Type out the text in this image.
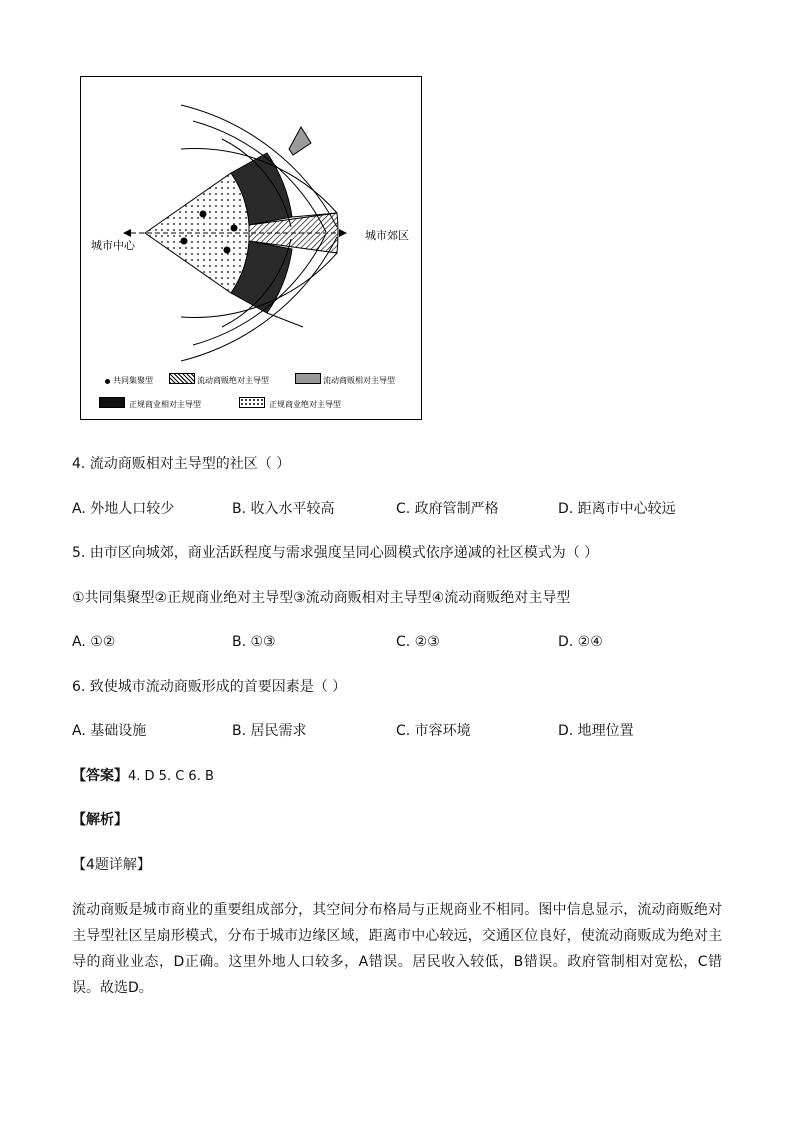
城市中心
城市郊区
共同集聚型	流动商贩绝对主导型	流动商贩相对主导型
正规商业相对主导型	正规商业绝对主导型
4. 流动商贩相对主导型的社区（ ）
A. 外地人口较少	B. 收入水平较高	C. 政府管制严格	D. 距离市中心较远
5. 由市区向城郊，商业活跃程度与需求强度呈同心圆模式依序递减的社区模式为（ ）
①共同集聚型②正规商业绝对主导型③流动商贩相对主导型④流动商贩绝对主导型
A. ①②	B. ①③	C. ②③	D. ②④
6. 致使城市流动商贩形成的首要因素是（ ）
A. 基础设施	B. 居民需求	C. 市容环境	D. 地理位置
【答案】4. D 5. C 6. B
【解析】
【4题详解】
流动商贩是城市商业的重要组成部分，其空间分布格局与正规商业不相同。图中信息显示，流动商贩绝对主导型社区呈扇形模式，分布于城市边缘区域，距离市中心较远，交通区位良好，使流动商贩成为绝对主导的商业业态，D正确。这里外地人口较多，A错误。居民收入较低，B错误。政府管制相对宽松，C错误。故选D。
